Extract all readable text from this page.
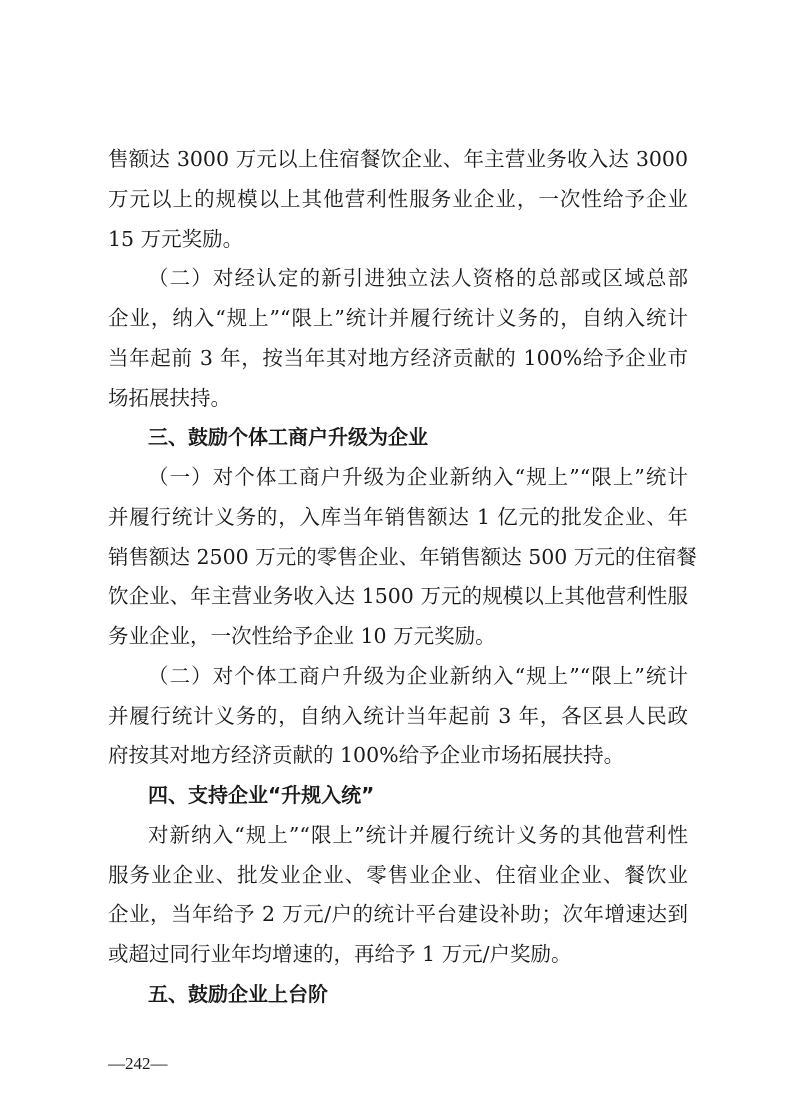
售额达 3000 万元以上住宿餐饮企业、年主营业务收入达 3000
万元以上的规模以上其他营利性服务业企业，一次性给予企业
15 万元奖励。
（二）对经认定的新引进独立法人资格的总部或区域总部
企业，纳入“规上”“限上”统计并履行统计义务的，自纳入统计
当年起前 3 年，按当年其对地方经济贡献的 100%给予企业市
场拓展扶持。
三、鼓励个体工商户升级为企业
（一）对个体工商户升级为企业新纳入“规上”“限上”统计
并履行统计义务的，入库当年销售额达 1 亿元的批发企业、年
销售额达 2500 万元的零售企业、年销售额达 500 万元的住宿餐
饮企业、年主营业务收入达 1500 万元的规模以上其他营利性服
务业企业，一次性给予企业 10 万元奖励。
（二）对个体工商户升级为企业新纳入“规上”“限上”统计
并履行统计义务的，自纳入统计当年起前 3 年，各区县人民政
府按其对地方经济贡献的 100%给予企业市场拓展扶持。
四、支持企业“升规入统”
对新纳入“规上”“限上”统计并履行统计义务的其他营利性
服务业企业、批发业企业、零售业企业、住宿业企业、餐饮业
企业，当年给予 2 万元/户的统计平台建设补助；次年增速达到
或超过同行业年均增速的，再给予 1 万元/户奖励。
五、鼓励企业上台阶
—242—
